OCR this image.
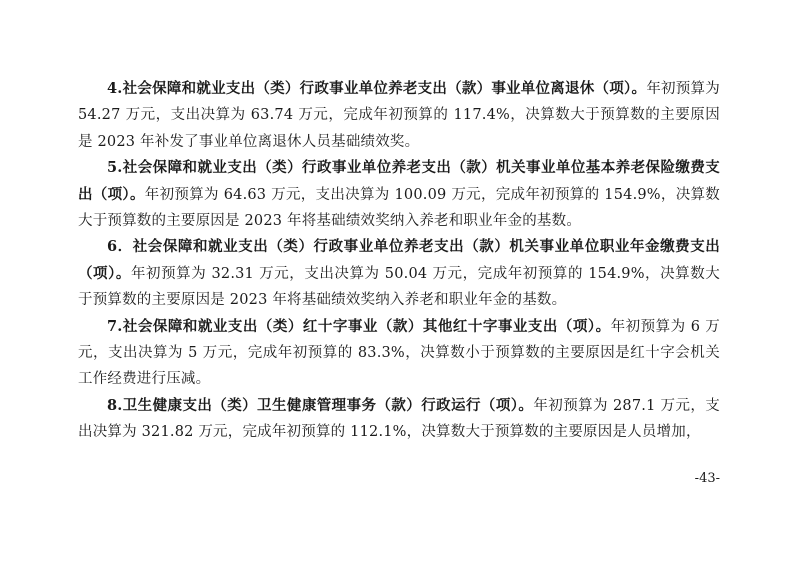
4.社会保障和就业支出（类）行政事业单位养老支出（款）事业单位离退休（项）。年初预算为 54.27 万元，支出决算为 63.74 万元，完成年初预算的 117.4%，决算数大于预算数的主要原因是 2023 年补发了事业单位离退休人员基础绩效奖。

5.社会保障和就业支出（类）行政事业单位养老支出（款）机关事业单位基本养老保险缴费支出（项）。年初预算为 64.63 万元，支出决算为 100.09 万元，完成年初预算的 154.9%，决算数大于预算数的主要原因是 2023 年将基础绩效奖纳入养老和职业年金的基数。

6．社会保障和就业支出（类）行政事业单位养老支出（款）机关事业单位职业年金缴费支出（项）。年初预算为 32.31 万元，支出决算为 50.04 万元，完成年初预算的 154.9%，决算数大于预算数的主要原因是 2023 年将基础绩效奖纳入养老和职业年金的基数。

7.社会保障和就业支出（类）红十字事业（款）其他红十字事业支出（项）。年初预算为 6 万元，支出决算为 5 万元，完成年初预算的 83.3%，决算数小于预算数的主要原因是红十字会机关工作经费进行压减。

8.卫生健康支出（类）卫生健康管理事务（款）行政运行（项）。年初预算为 287.1 万元，支出决算为 321.82 万元，完成年初预算的 112.1%，决算数大于预算数的主要原因是人员增加，

-43-
